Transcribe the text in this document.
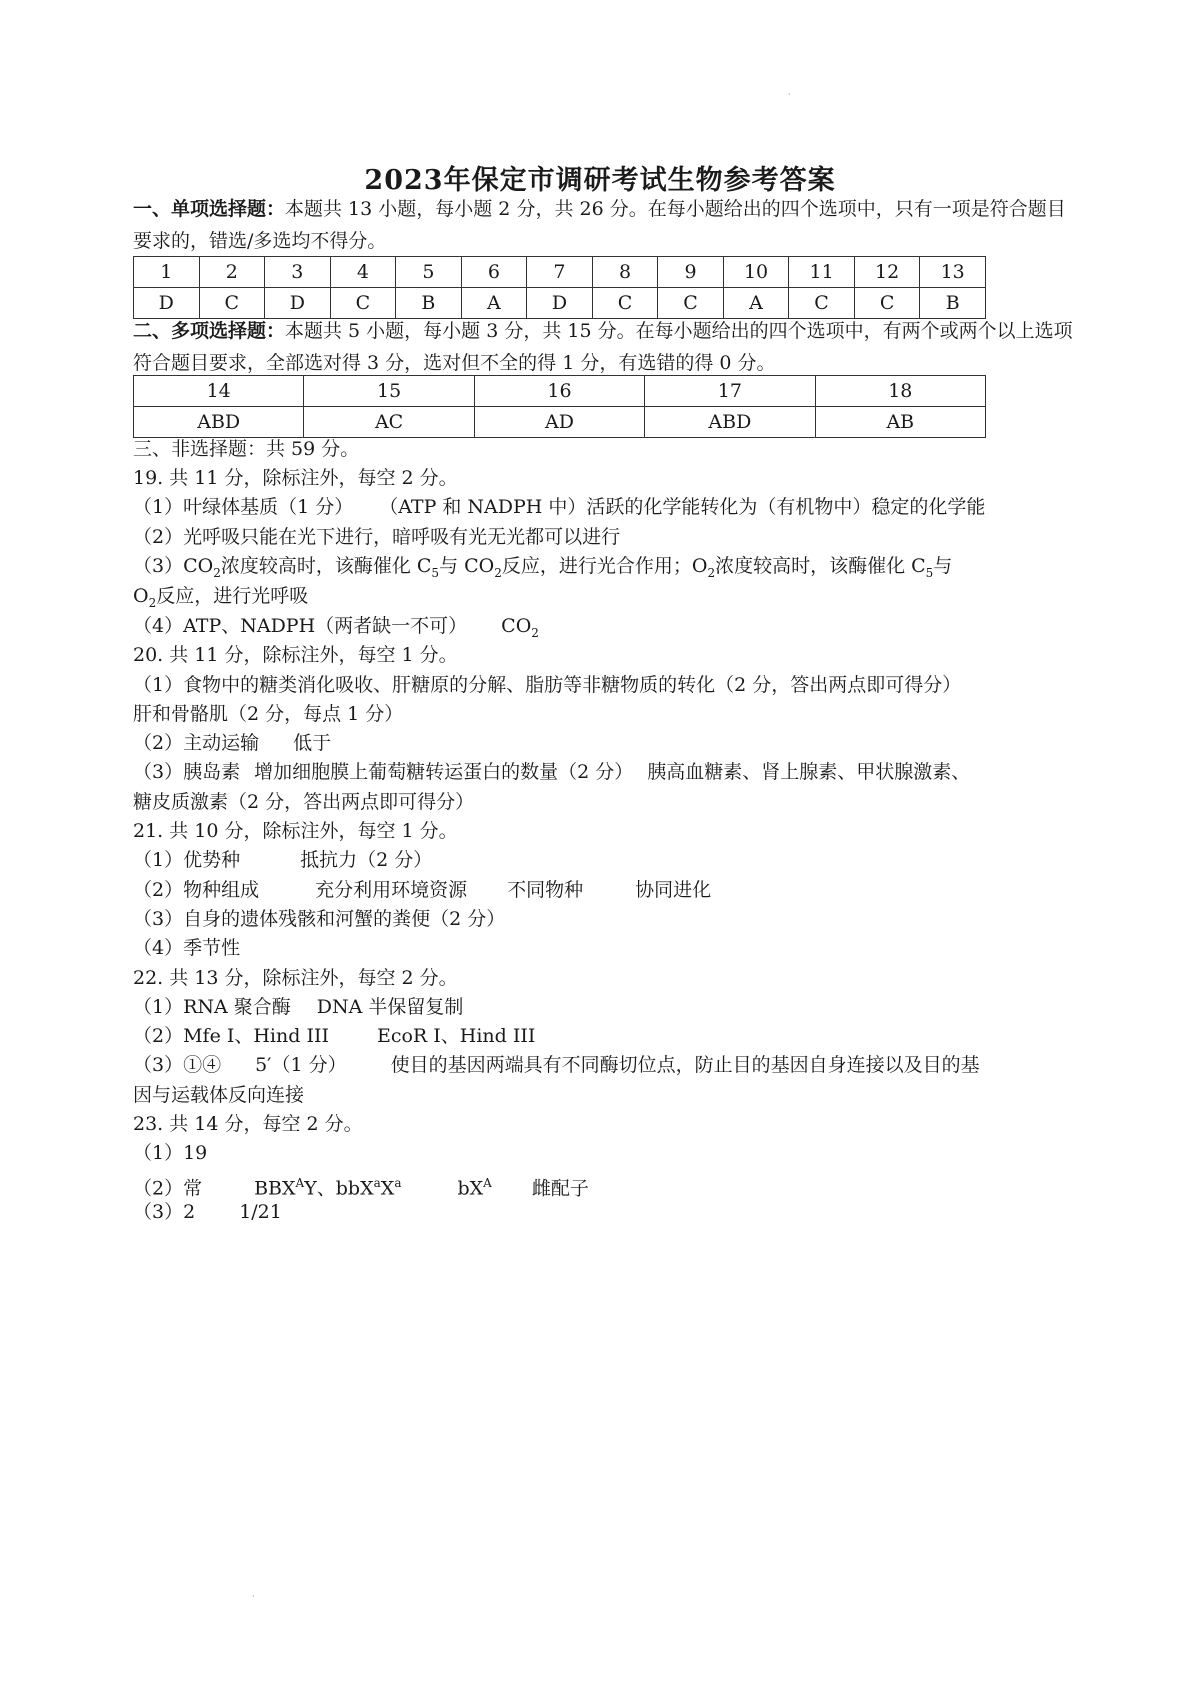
·
2023年保定市调研考试生物参考答案
一、单项选择题：本题共 13 小题，每小题 2 分，共 26 分。在每小题给出的四个选项中，只有一项是符合题目要求的，错选/多选均不得分。
1	2	3	4	5	6	7	8	9	10	11	12	13
D	C	D	C	B	A	D	C	C	A	C	C	B
二、多项选择题：本题共 5 小题，每小题 3 分，共 15 分。在每小题给出的四个选项中，有两个或两个以上选项符合题目要求，全部选对得 3 分，选对但不全的得 1 分，有选错的得 0 分。
14	15	16	17	18
ABD	AC	AD	ABD	AB
三、非选择题：共 59 分。
19. 共 11 分，除标注外，每空 2 分。
（1）叶绿体基质（1 分） （ATP 和 NADPH 中）活跃的化学能转化为（有机物中）稳定的化学能
（2）光呼吸只能在光下进行，暗呼吸有光无光都可以进行
$(3)CO_2$浓度较高时，该酶催化 $C_5$与 $CO_2$反应，进行光合作用；$O_2$浓度较高时，该酶催化 $C_5$与
$O_2$反应，进行光呼吸
（4）ATP、NADPH（两者缺一不可） $CO_2$
20. 共 11 分，除标注外，每空 1 分。
（1）食物中的糖类消化吸收、肝糖原的分解、脂肪等非糖物质的转化（2 分，答出两点即可得分）
肝和骨骼肌（2 分，每点 1 分）
（2）主动运输 低于
（3）胰岛素 增加细胞膜上葡萄糖转运蛋白的数量（2 分） 胰高血糖素、肾上腺素、甲状腺激素、
糖皮质激素（2 分，答出两点即可得分）
21. 共 10 分，除标注外，每空 1 分。
（1）优势种	抵抗力（2 分）
（2）物种组成	充分利用环境资源 不同物种	协同进化
（3）自身的遗体残骸和河蟹的粪便（2 分）
（4）季节性
22. 共 13 分，除标注外，每空 2 分。
（1）RNA 聚合酶 DNA 半保留复制
（2）Mfe I、Hind III	EcoR I、Hind III
（3）①④ 5′（1 分） 使目的基因两端具有不同酶切位点，防止目的基因自身连接以及目的基
因与运载体反向连接
23. 共 14 分，每空 2 分。
（1）19
（2）常	$BBX^AY$、$bbX^aX^a$	$bX^A$ 雌配子
（3）2 1/21
·
